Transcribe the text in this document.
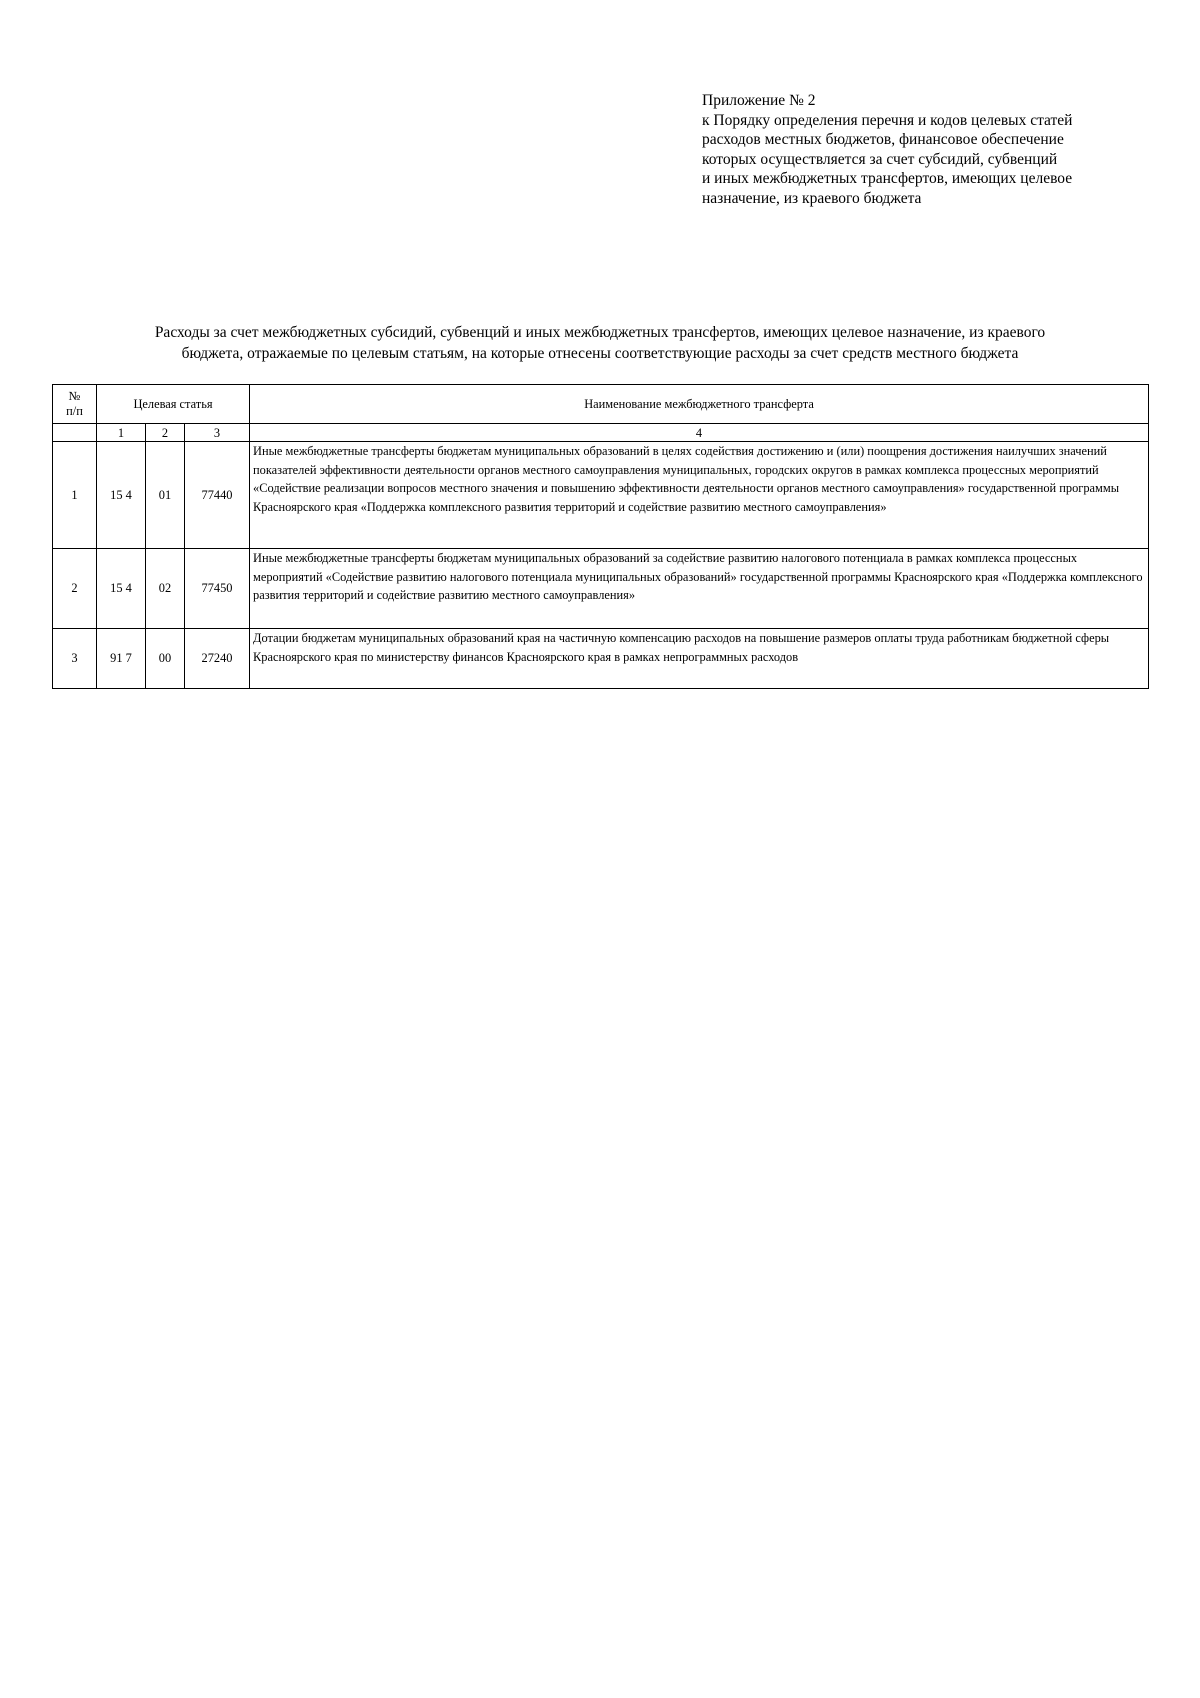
Приложение № 2
к Порядку определения перечня и кодов целевых статей
расходов местных бюджетов, финансовое обеспечение
которых осуществляется за счет субсидий, субвенций
и иных межбюджетных трансфертов, имеющих целевое
назначение, из краевого бюджета
Расходы за счет межбюджетных субсидий, субвенций и иных межбюджетных трансфертов, имеющих целевое назначение, из краевого
бюджета, отражаемые по целевым статьям, на которые отнесены соответствующие расходы за счет средств местного бюджета
№
п/п	Целевая статья			Наименование межбюджетного трансферта
	1	2	3	4
1	15 4	01	77440	Иные межбюджетные трансферты бюджетам муниципальных образований в целях содействия достижению и (или) поощрения достижения наилучших значений показателей эффективности деятельности органов местного самоуправления муниципальных, городских округов в рамках комплекса процессных мероприятий «Содействие реализации вопросов местного значения и повышению эффективности деятельности органов местного самоуправления» государственной программы Красноярского края «Поддержка комплексного развития территорий и содействие развитию местного самоуправления»
2	15 4	02	77450	Иные межбюджетные трансферты бюджетам муниципальных образований за содействие развитию налогового потенциала в рамках комплекса процессных мероприятий «Содействие развитию налогового потенциала муниципальных образований» государственной программы Красноярского края «Поддержка комплексного развития территорий и содействие развитию местного самоуправления»
3	91 7	00	27240	Дотации бюджетам муниципальных образований края на частичную компенсацию расходов на повышение размеров оплаты труда работникам бюджетной сферы Красноярского края по министерству финансов Красноярского края в рамках непрограммных расходов
